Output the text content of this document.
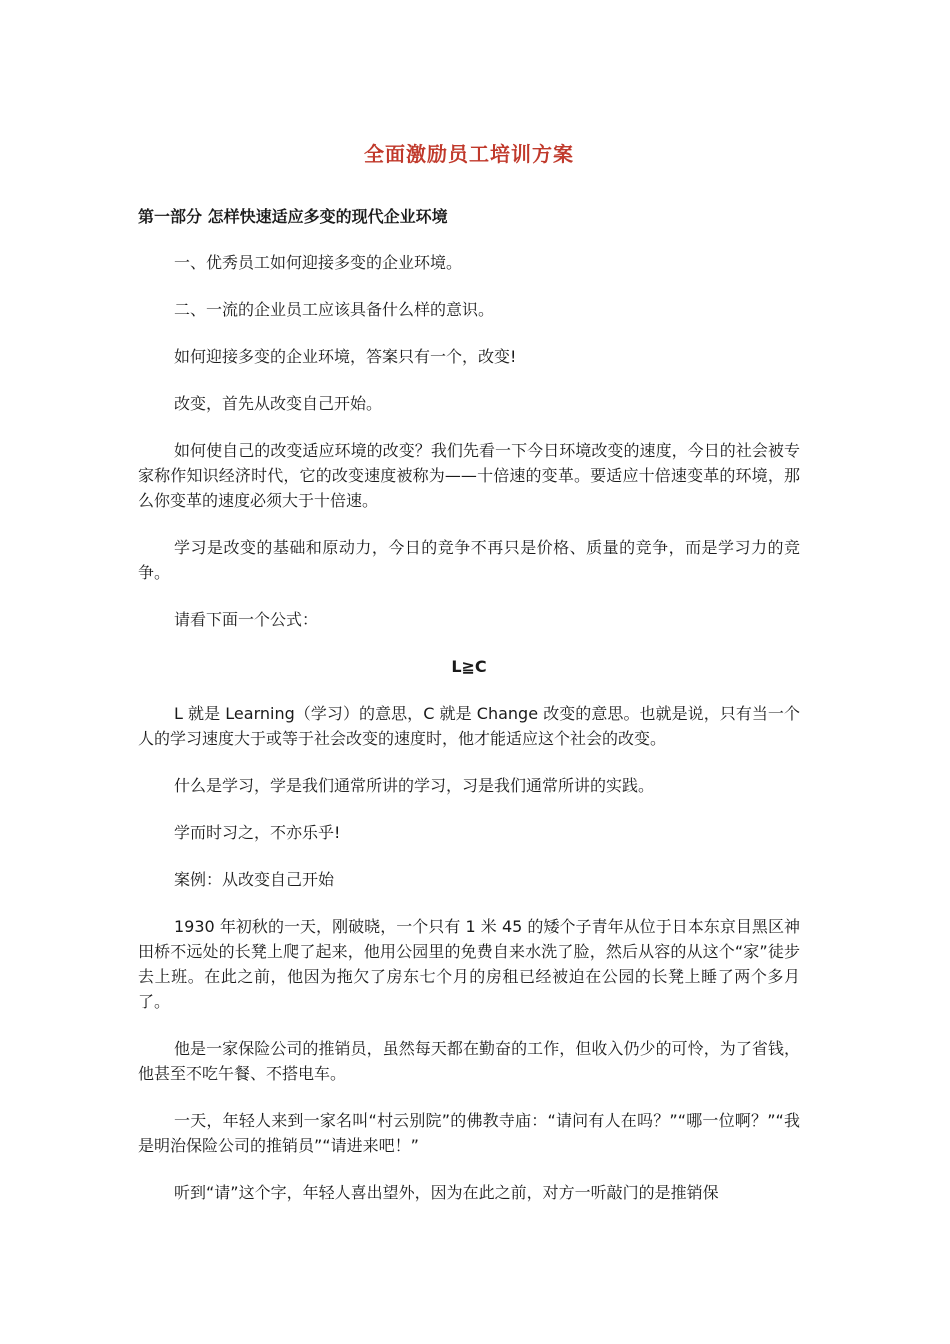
全面激励员工培训方案
第一部分 怎样快速适应多变的现代企业环境

一、优秀员工如何迎接多变的企业环境。

二、一流的企业员工应该具备什么样的意识。

如何迎接多变的企业环境，答案只有一个，改变!

改变，首先从改变自己开始。

如何使自己的改变适应环境的改变？我们先看一下今日环境改变的速度，今日的社会被专家称作知识经济时代，它的改变速度被称为——十倍速的变革。要适应十倍速变革的环境，那么你变革的速度必须大于十倍速。

学习是改变的基础和原动力，今日的竞争不再只是价格、质量的竞争，而是学习力的竞争。

请看下面一个公式：

L≧C

L 就是 Learning（学习）的意思，C 就是 Change 改变的意思。也就是说，只有当一个人的学习速度大于或等于社会改变的速度时，他才能适应这个社会的改变。

什么是学习，学是我们通常所讲的学习，习是我们通常所讲的实践。

学而时习之，不亦乐乎!

案例：从改变自己开始

1930 年初秋的一天，刚破晓，一个只有 1 米 45 的矮个子青年从位于日本东京目黑区神田桥不远处的长凳上爬了起来，他用公园里的免费自来水洗了脸，然后从容的从这个“家”徒步去上班。在此之前，他因为拖欠了房东七个月的房租已经被迫在公园的长凳上睡了两个多月了。

他是一家保险公司的推销员，虽然每天都在勤奋的工作，但收入仍少的可怜，为了省钱，他甚至不吃午餐、不搭电车。

一天，年轻人来到一家名叫“村云别院”的佛教寺庙：“请问有人在吗？”“哪一位啊？”“我是明治保险公司的推销员”“请进来吧！”

听到“请”这个字，年轻人喜出望外，因为在此之前，对方一听敲门的是推销保
